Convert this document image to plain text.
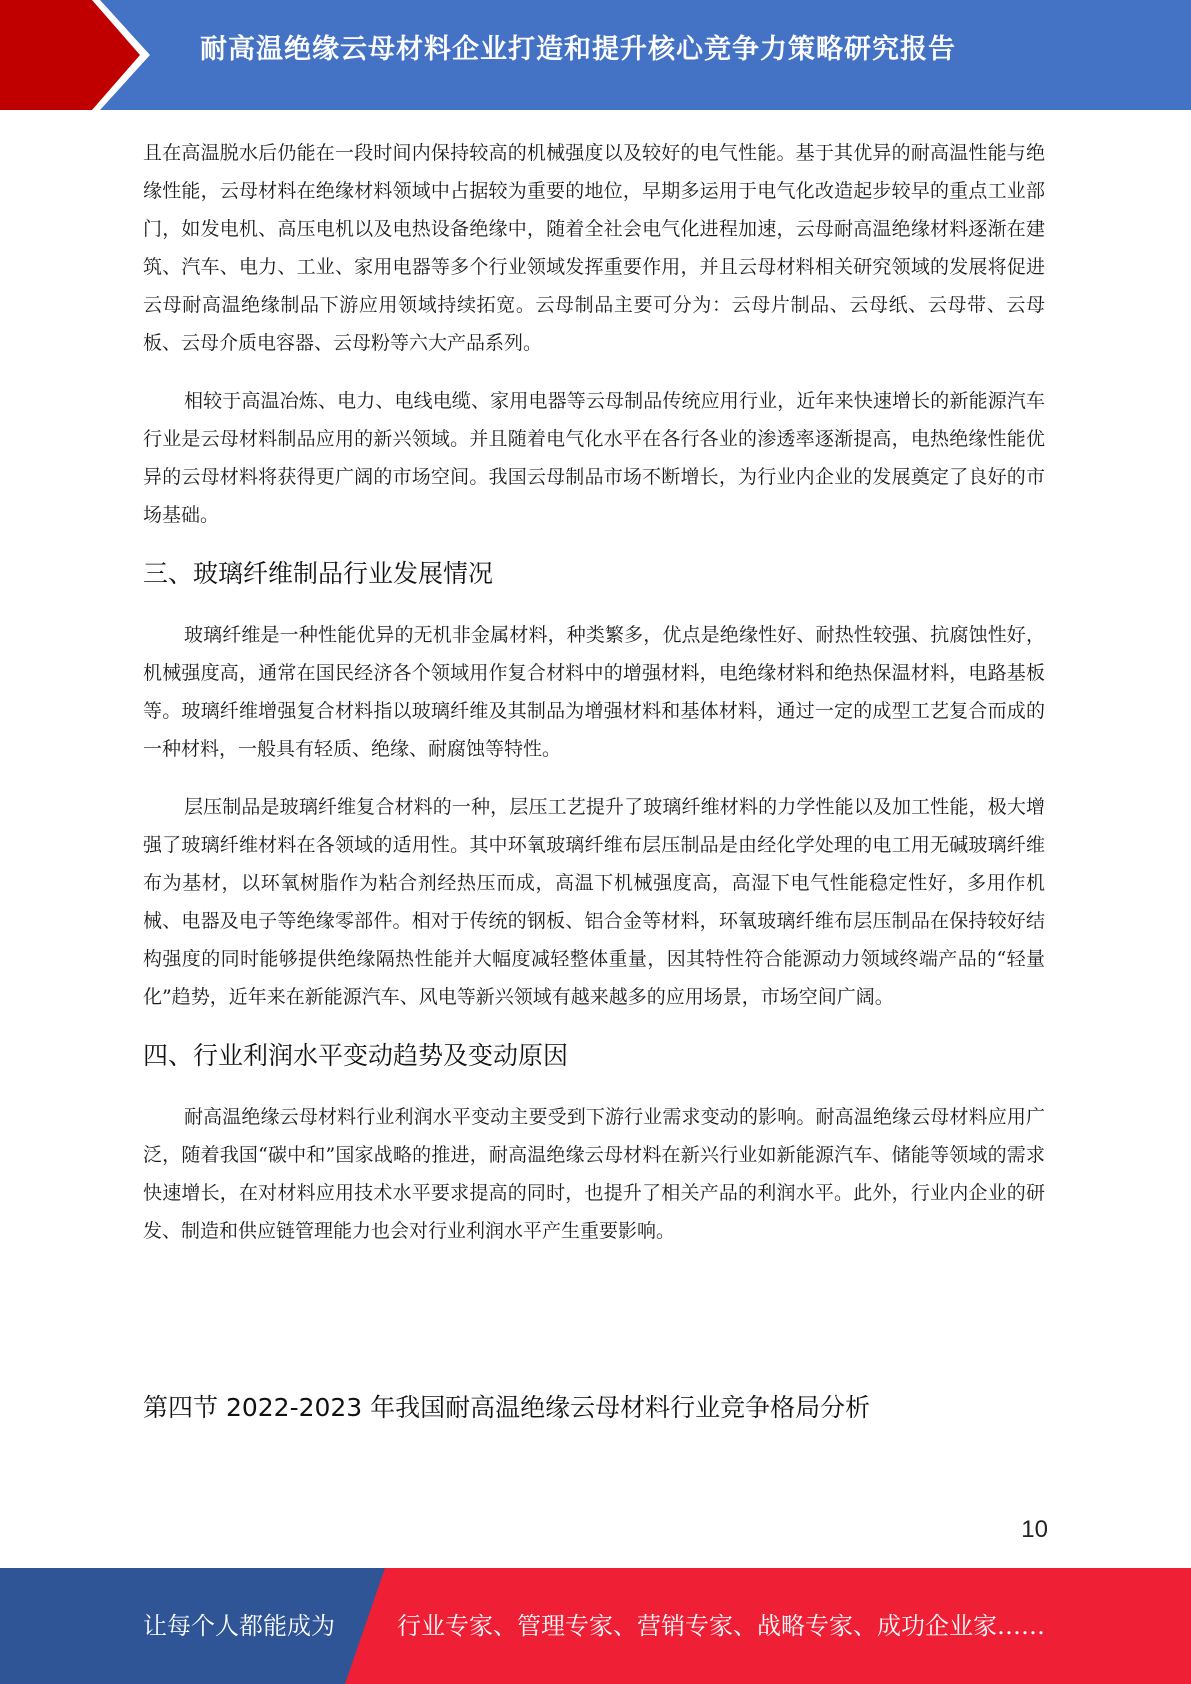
耐高温绝缘云母材料企业打造和提升核心竞争力策略研究报告

且在高温脱水后仍能在一段时间内保持较高的机械强度以及较好的电气性能。基于其优异的耐高温性能与绝缘性能，云母材料在绝缘材料领域中占据较为重要的地位，早期多运用于电气化改造起步较早的重点工业部门，如发电机、高压电机以及电热设备绝缘中，随着全社会电气化进程加速，云母耐高温绝缘材料逐渐在建筑、汽车、电力、工业、家用电器等多个行业领域发挥重要作用，并且云母材料相关研究领域的发展将促进云母耐高温绝缘制品下游应用领域持续拓宽。云母制品主要可分为：云母片制品、云母纸、云母带、云母板、云母介质电容器、云母粉等六大产品系列。

相较于高温冶炼、电力、电线电缆、家用电器等云母制品传统应用行业，近年来快速增长的新能源汽车行业是云母材料制品应用的新兴领域。并且随着电气化水平在各行各业的渗透率逐渐提高，电热绝缘性能优异的云母材料将获得更广阔的市场空间。我国云母制品市场不断增长，为行业内企业的发展奠定了良好的市场基础。

三、玻璃纤维制品行业发展情况

玻璃纤维是一种性能优异的无机非金属材料，种类繁多，优点是绝缘性好、耐热性较强、抗腐蚀性好，机械强度高，通常在国民经济各个领域用作复合材料中的增强材料，电绝缘材料和绝热保温材料，电路基板等。玻璃纤维增强复合材料指以玻璃纤维及其制品为增强材料和基体材料，通过一定的成型工艺复合而成的一种材料，一般具有轻质、绝缘、耐腐蚀等特性。

层压制品是玻璃纤维复合材料的一种，层压工艺提升了玻璃纤维材料的力学性能以及加工性能，极大增强了玻璃纤维材料在各领域的适用性。其中环氧玻璃纤维布层压制品是由经化学处理的电工用无碱玻璃纤维布为基材，以环氧树脂作为粘合剂经热压而成，高温下机械强度高，高湿下电气性能稳定性好，多用作机械、电器及电子等绝缘零部件。相对于传统的钢板、铝合金等材料，环氧玻璃纤维布层压制品在保持较好结构强度的同时能够提供绝缘隔热性能并大幅度减轻整体重量，因其特性符合能源动力领域终端产品的“轻量化”趋势，近年来在新能源汽车、风电等新兴领域有越来越多的应用场景，市场空间广阔。

四、行业利润水平变动趋势及变动原因

耐高温绝缘云母材料行业利润水平变动主要受到下游行业需求变动的影响。耐高温绝缘云母材料应用广泛，随着我国“碳中和”国家战略的推进，耐高温绝缘云母材料在新兴行业如新能源汽车、储能等领域的需求快速增长，在对材料应用技术水平要求提高的同时，也提升了相关产品的利润水平。此外，行业内企业的研发、制造和供应链管理能力也会对行业利润水平产生重要影响。

第四节 2022-2023 年我国耐高温绝缘云母材料行业竞争格局分析
10
让每个人都能成为	行业专家、管理专家、营销专家、战略专家、成功企业家……
